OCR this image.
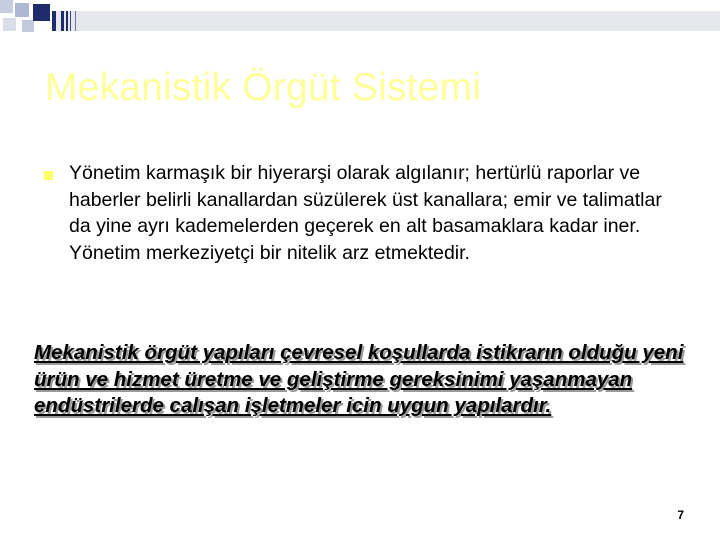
Mekanistik Örgüt Sistemi

Yönetim karmaşık bir hiyerarşi olarak algılanır; hertürlü raporlar ve haberler belirli kanallardan süzülerek üst kanallara; emir ve talimatlar da yine ayrı kademelerden geçerek en alt basamaklara kadar iner. Yönetim merkeziyetçi bir nitelik arz etmektedir.

Mekanistik örgüt yapıları çevresel koşullarda istikrarın olduğu yeni ürün ve hizmet üretme ve geliştirme gereksinimi yaşanmayan endüstrilerde calışan işletmeler icin uygun yapılardır.

7
